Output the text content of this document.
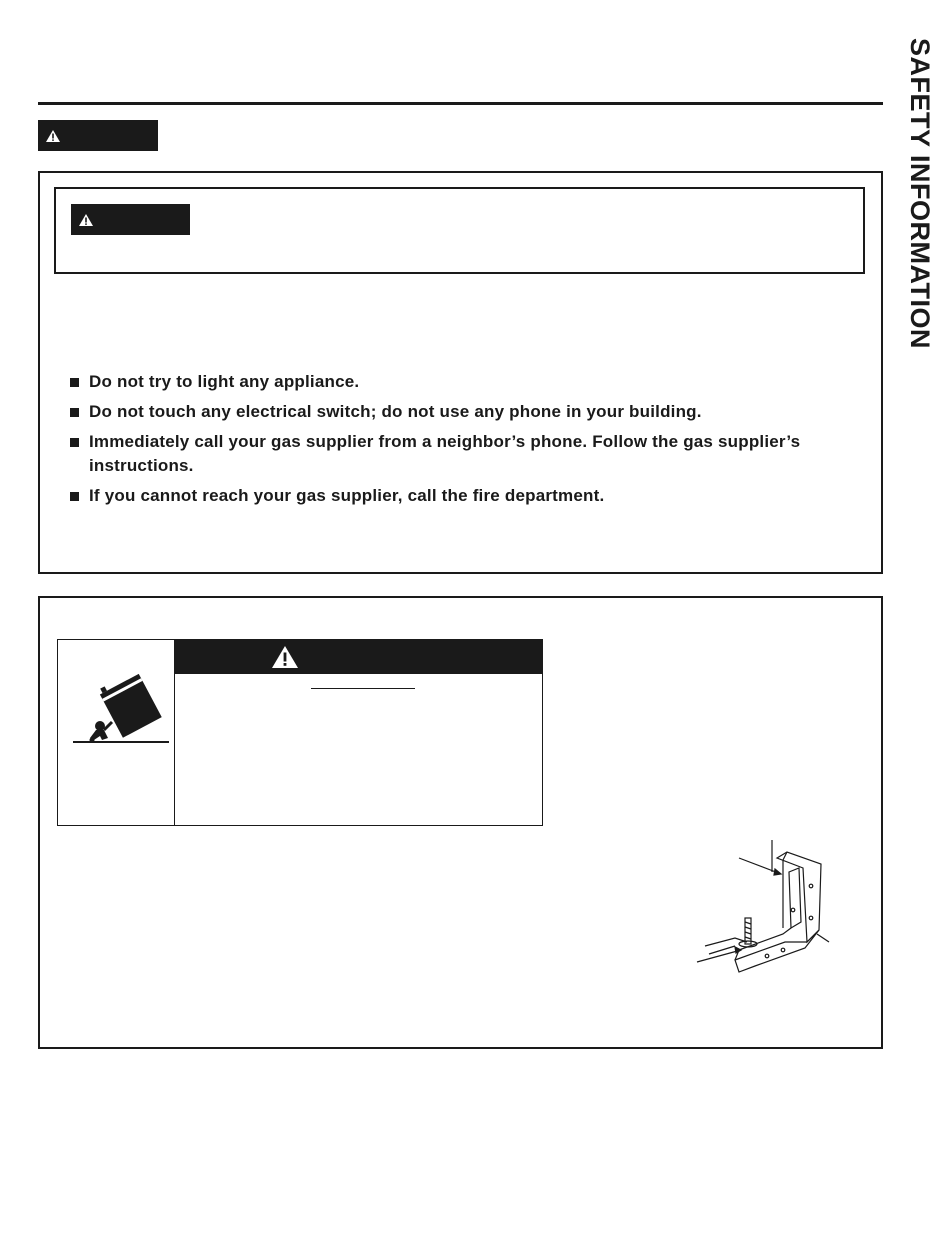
SAFETY INFORMATION
Do not try to light any appliance.
Do not touch any electrical switch; do not use any phone in your building.
Immediately call your gas supplier from a neighbor’s phone. Follow the gas supplier’s instructions.
If you cannot reach your gas supplier, call the fire department.
